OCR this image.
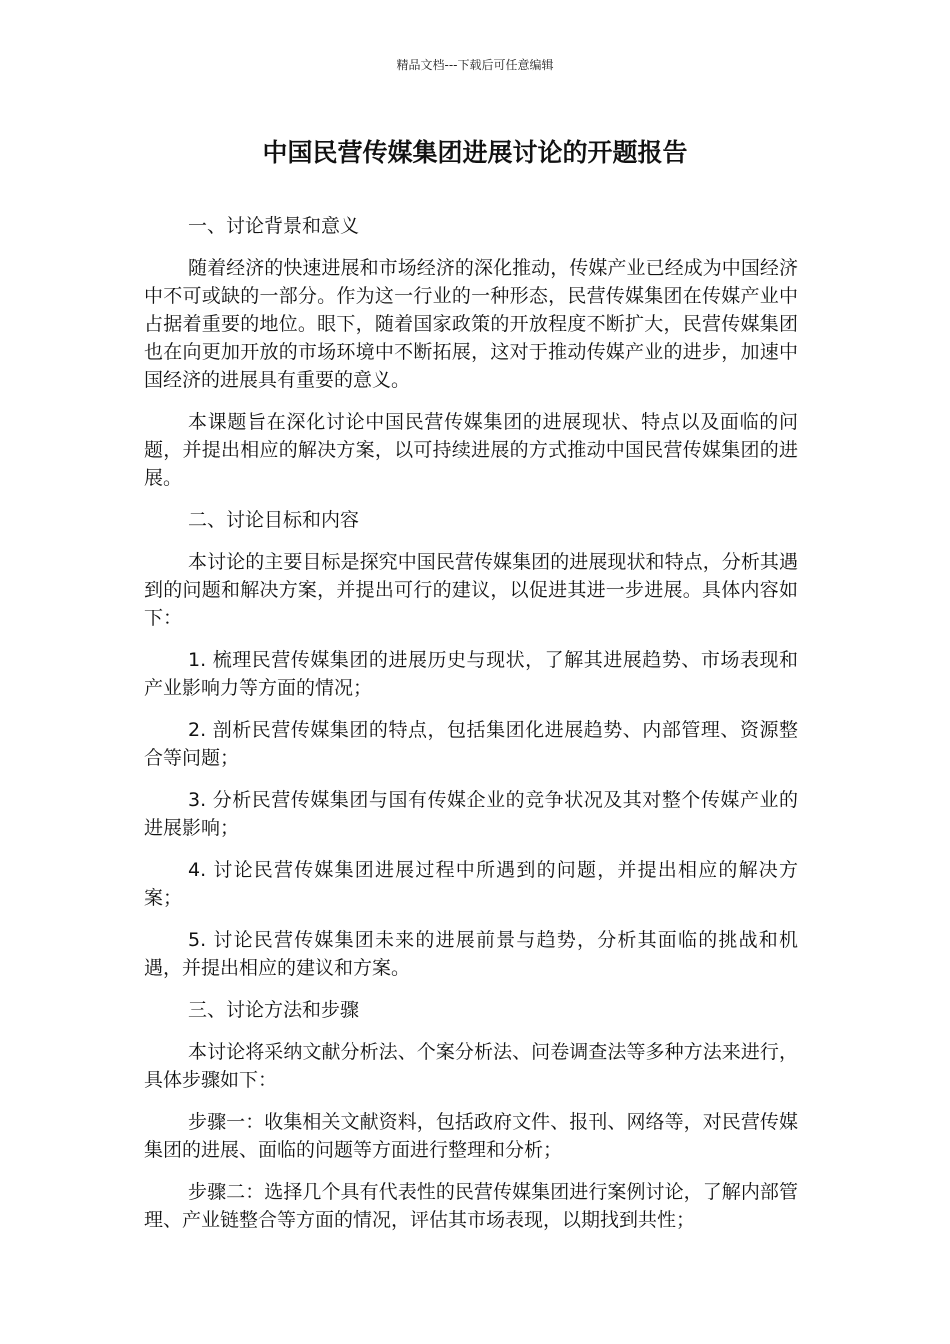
精品文档---下载后可任意编辑
中国民营传媒集团进展讨论的开题报告

一、讨论背景和意义

随着经济的快速进展和市场经济的深化推动，传媒产业已经成为中国经济中不可或缺的一部分。作为这一行业的一种形态，民营传媒集团在传媒产业中占据着重要的地位。眼下，随着国家政策的开放程度不断扩大，民营传媒集团也在向更加开放的市场环境中不断拓展，这对于推动传媒产业的进步，加速中国经济的进展具有重要的意义。

本课题旨在深化讨论中国民营传媒集团的进展现状、特点以及面临的问题，并提出相应的解决方案，以可持续进展的方式推动中国民营传媒集团的进展。

二、讨论目标和内容

本讨论的主要目标是探究中国民营传媒集团的进展现状和特点，分析其遇到的问题和解决方案，并提出可行的建议，以促进其进一步进展。具体内容如下：

1. 梳理民营传媒集团的进展历史与现状，了解其进展趋势、市场表现和产业影响力等方面的情况；

2. 剖析民营传媒集团的特点，包括集团化进展趋势、内部管理、资源整合等问题；

3. 分析民营传媒集团与国有传媒企业的竞争状况及其对整个传媒产业的进展影响；

4. 讨论民营传媒集团进展过程中所遇到的问题，并提出相应的解决方案；

5. 讨论民营传媒集团未来的进展前景与趋势，分析其面临的挑战和机遇，并提出相应的建议和方案。

三、讨论方法和步骤

本讨论将采纳文献分析法、个案分析法、问卷调查法等多种方法来进行，具体步骤如下：

步骤一：收集相关文献资料，包括政府文件、报刊、网络等，对民营传媒集团的进展、面临的问题等方面进行整理和分析；

步骤二：选择几个具有代表性的民营传媒集团进行案例讨论，了解内部管理、产业链整合等方面的情况，评估其市场表现，以期找到共性；
